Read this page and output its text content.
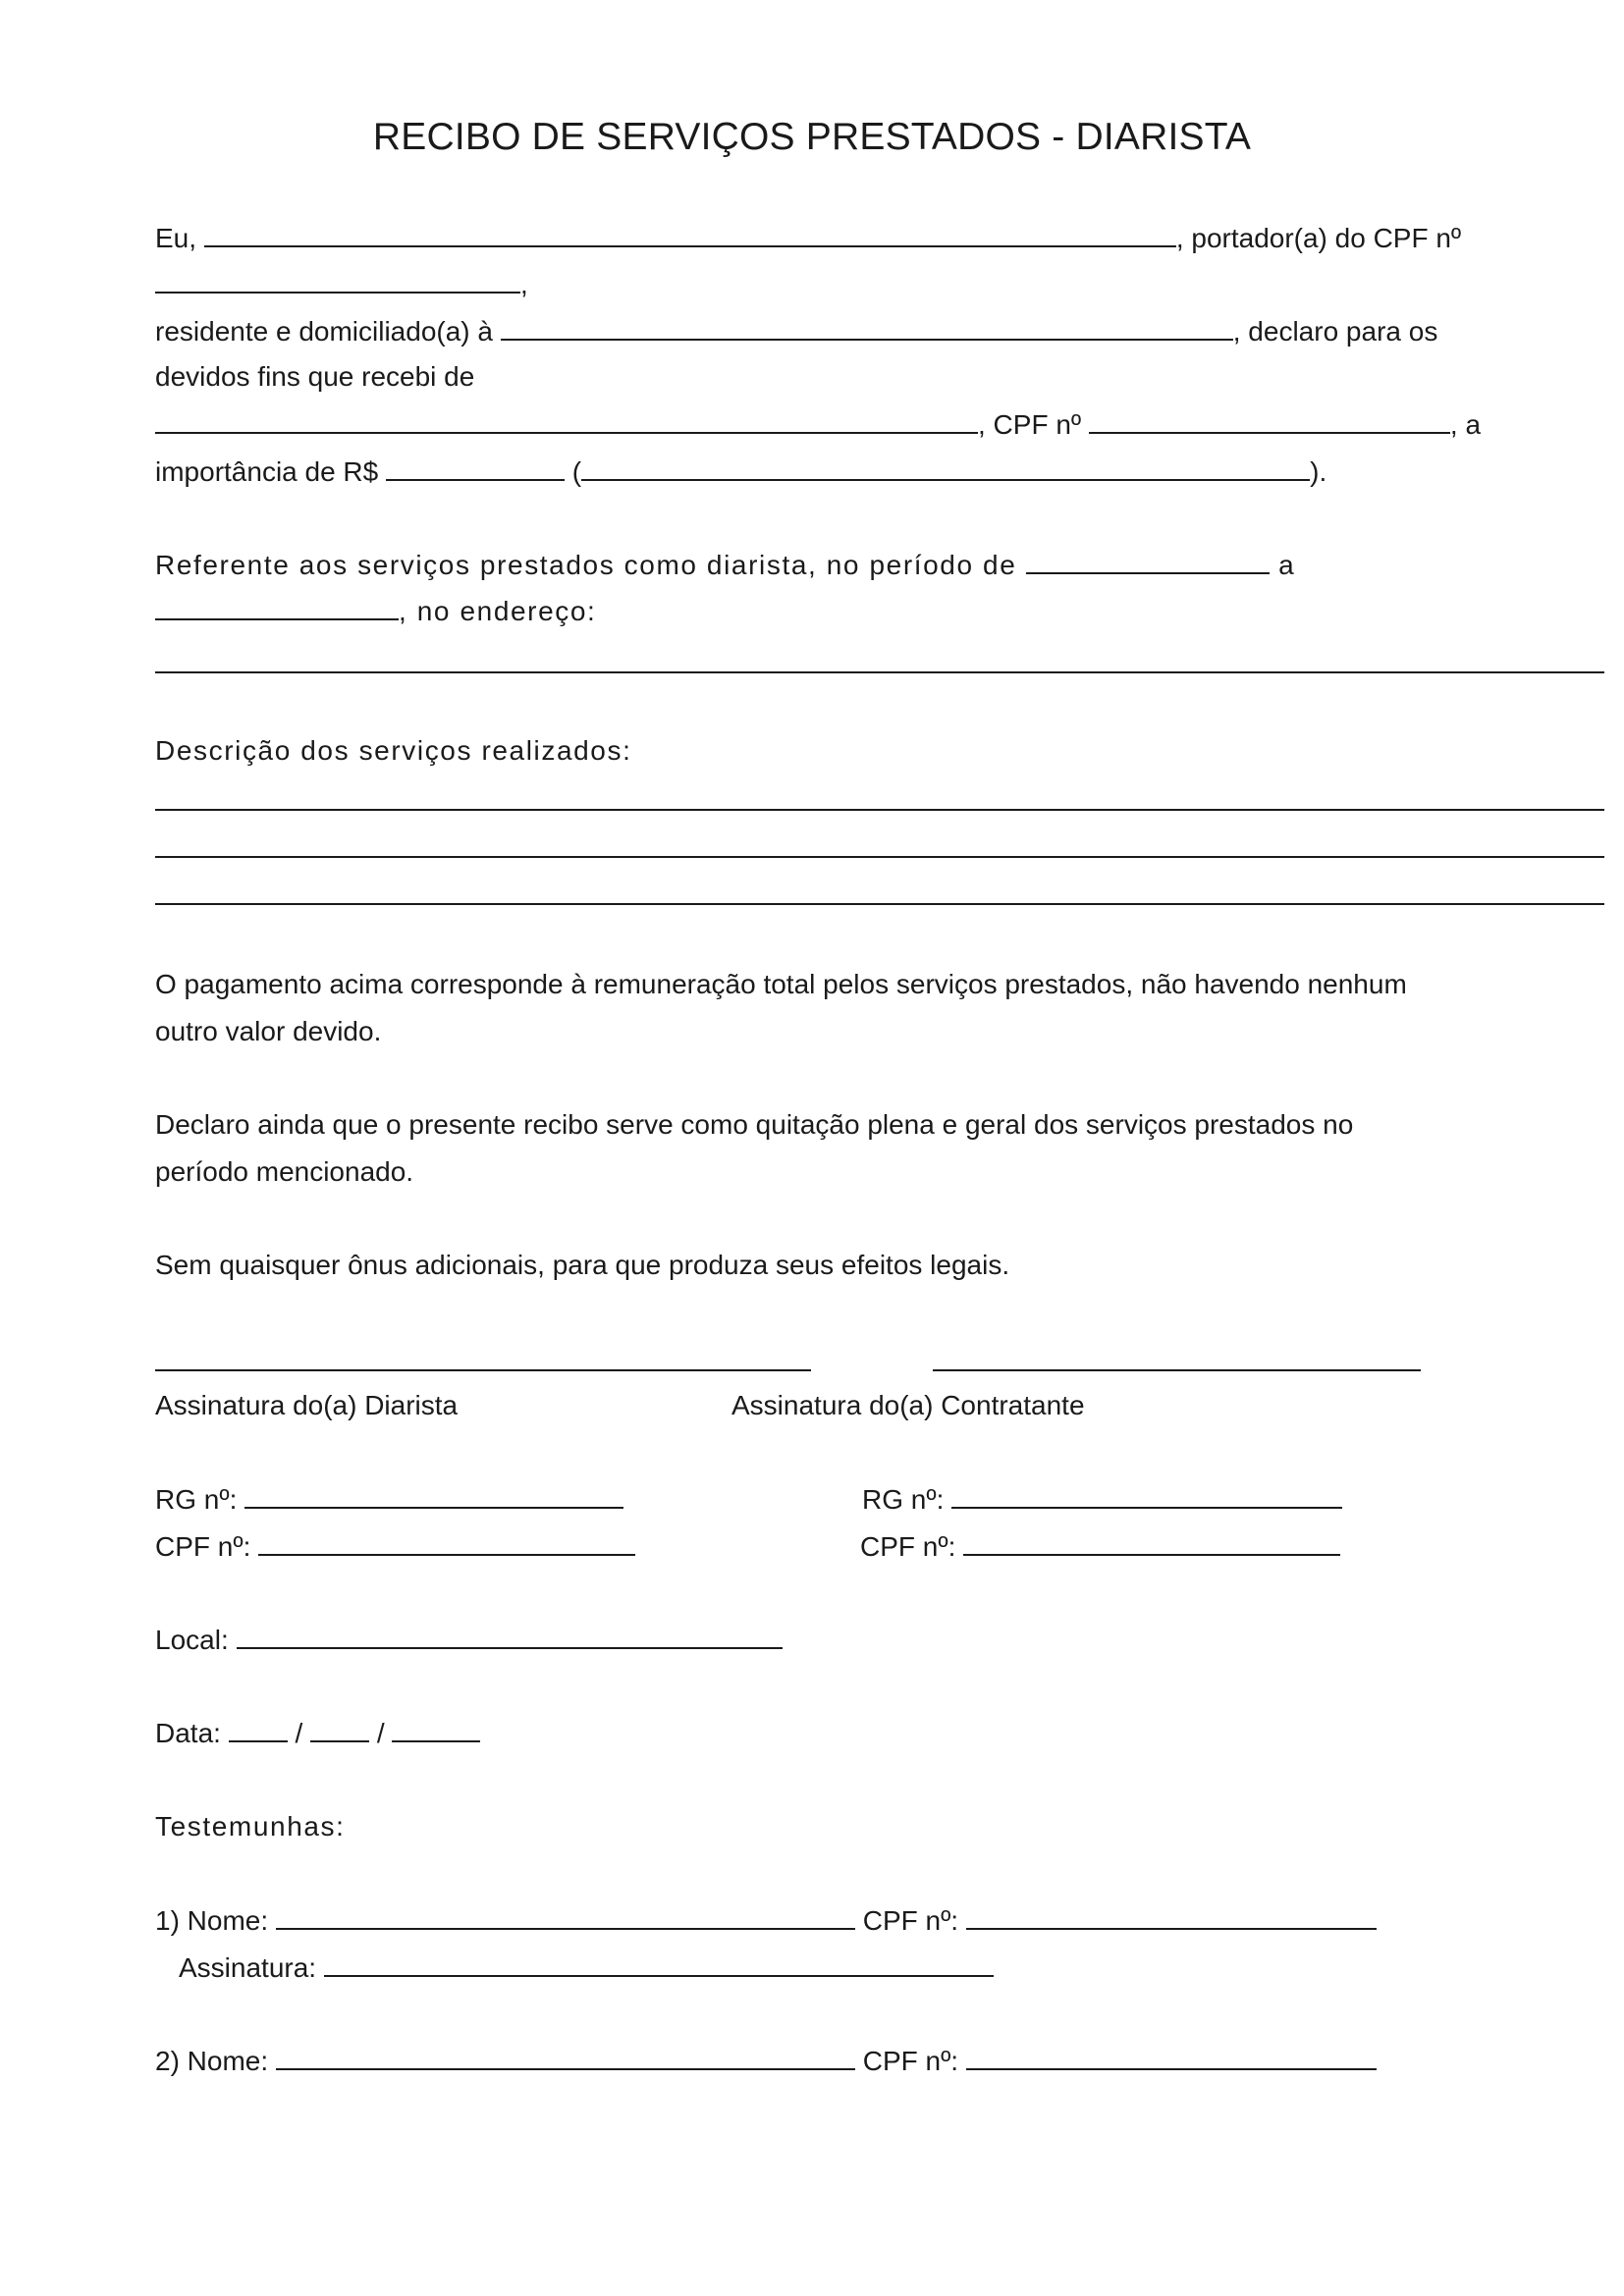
RECIBO DE SERVIÇOS PRESTADOS - DIARISTA
Eu,	, portador(a) do CPF nº
,
residente e domiciliado(a) à	, declaro para os
devidos fins que recebi de
, CPF nº	, a
importância de R$	(	).
Referente aos serviços prestados como diarista, no período de	a
, no endereço:
Descrição dos serviços realizados:
O pagamento acima corresponde à remuneração total pelos serviços prestados, não havendo nenhum
outro valor devido.
Declaro ainda que o presente recibo serve como quitação plena e geral dos serviços prestados no
período mencionado.
Sem quaisquer ônus adicionais, para que produza seus efeitos legais.
Assinatura do(a) Diarista	Assinatura do(a) Contratante
RG nº:	RG nº:
CPF nº:	CPF nº:
Local:
Data:	/	/
Testemunhas:
1) Nome:	CPF nº:
Assinatura:
2) Nome:	CPF nº:
